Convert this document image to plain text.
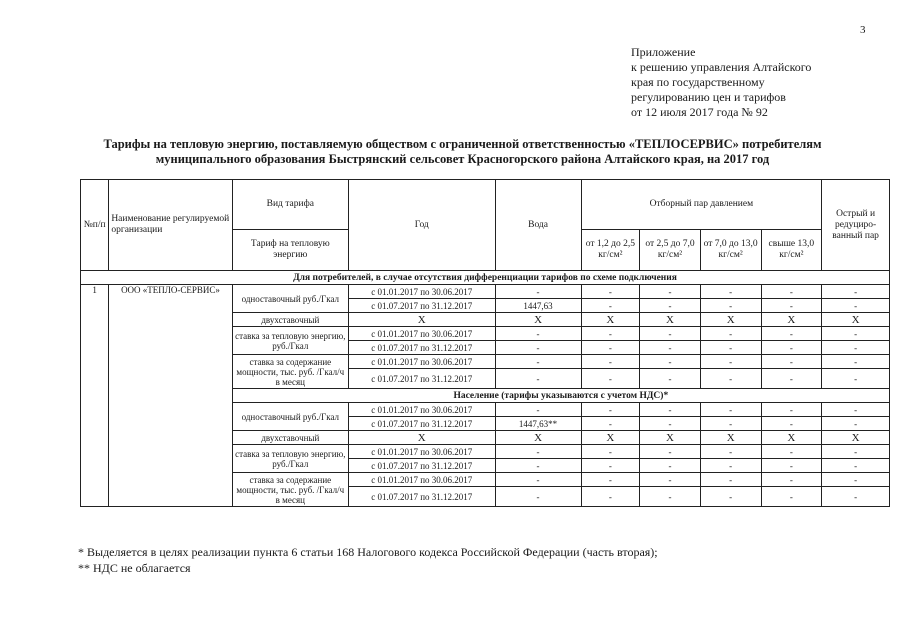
3
Приложение
к решению управления Алтайского
края по государственному
регулированию цен и тарифов
от 12 июля 2017 года № 92
Тарифы на тепловую энергию, поставляемую обществом с ограниченной ответственностью «ТЕПЛОСЕРВИС» потребителям
муниципального образования Быстрянский сельсовет Красногорского района Алтайского края, на 2017 год
№п/п	Наименование регулируемой организации	Вид тарифа	Год	Вода	Отборный пар давлением				Острый и редуциро-ванный пар
		Тариф на тепловую энергию			от 1,2 до 2,5 кг/см²	от 2,5 до 7,0 кг/см²	от 7,0 до 13,0 кг/см²	свыше 13,0 кг/см²	
Для потребителей, в случае отсутствия дифференциации тарифов по схеме подключения									
1	ООО «ТЕПЛО-СЕРВИС»	одноставочный руб./Гкал	с 01.01.2017 по 30.06.2017	-	-	-	-	-	-
			с 01.07.2017 по 31.12.2017	1447,63	-	-	-	-	-
		двухставочный	X	X	X	X	X	X	X
		ставка за тепловую энергию, руб./Гкал	с 01.01.2017 по 30.06.2017	-	-	-	-	-	-
			с 01.07.2017 по 31.12.2017	-	-	-	-	-	-
		ставка за содержание мощности, тыс. руб. /Гкал/ч в месяц	с 01.01.2017 по 30.06.2017	-	-	-	-	-	-
			с 01.07.2017 по 31.12.2017	-	-	-	-	-	-
		Население (тарифы указываются с учетом НДС)*							
		одноставочный руб./Гкал	с 01.01.2017 по 30.06.2017	-	-	-	-	-	-
			с 01.07.2017 по 31.12.2017	1447,63**	-	-	-	-	-
		двухставочный	X	X	X	X	X	X	X
		ставка за тепловую энергию, руб./Гкал	с 01.01.2017 по 30.06.2017	-	-	-	-	-	-
			с 01.07.2017 по 31.12.2017	-	-	-	-	-	-
		ставка за содержание мощности, тыс. руб. /Гкал/ч в месяц	с 01.01.2017 по 30.06.2017	-	-	-	-	-	-
			с 01.07.2017 по 31.12.2017	-	-	-	-	-	-
* Выделяется в целях реализации пункта 6 статьи 168 Налогового кодекса Российской Федерации (часть вторая);
** НДС не облагается
